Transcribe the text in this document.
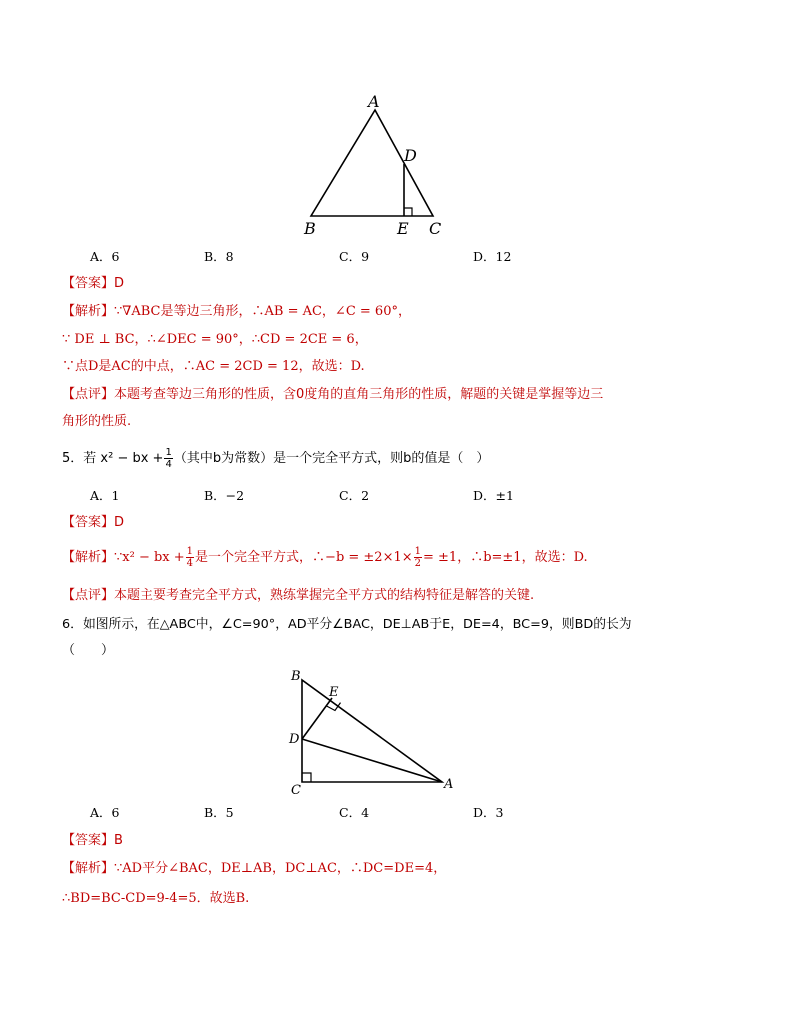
A
D
B	E C
A．6	B．8	C．9	D．12
【答案】D
【解析】∵∇ABC是等边三角形，∴AB = AC，∠C = 60°，
∵ DE ⊥ BC，∴∠DEC = 90°，∴CD = 2CE = 6，
∵点D是AC的中点，∴AC = 2CD = 12，故选：D.
【点评】本题考查等边三角形的性质，含0度角的直角三角形的性质，解题的关键是掌握等边三
角形的性质.
5．若 x² − bx + $\frac{1}{4}$ （其中b为常数）是一个完全平方式，则b的值是（　）
A．1	B．−2	C．2	D．±1
【答案】D
【解析】∵x² − bx + $\frac{1}{4}$ 是一个完全平方式，∴−b = $\pm 2\times 1\times \frac{1}{2} = \pm 1$，∴b=±1，故选：D.
【点评】本题主要考查完全平方式，熟练掌握完全平方式的结构特征是解答的关键.
6．如图所示，在△ABC中，∠C=90°，AD平分∠BAC，DE⊥AB于E，DE=4，BC=9，则BD的长为
（　　）
B
E
D
C	A
A．6	B．5	C．4	D．3
【答案】B
【解析】∵AD平分∠BAC，DE⊥AB，DC⊥AC，∴DC=DE=4，
∴BD=BC-CD=9-4=5．故选B.
